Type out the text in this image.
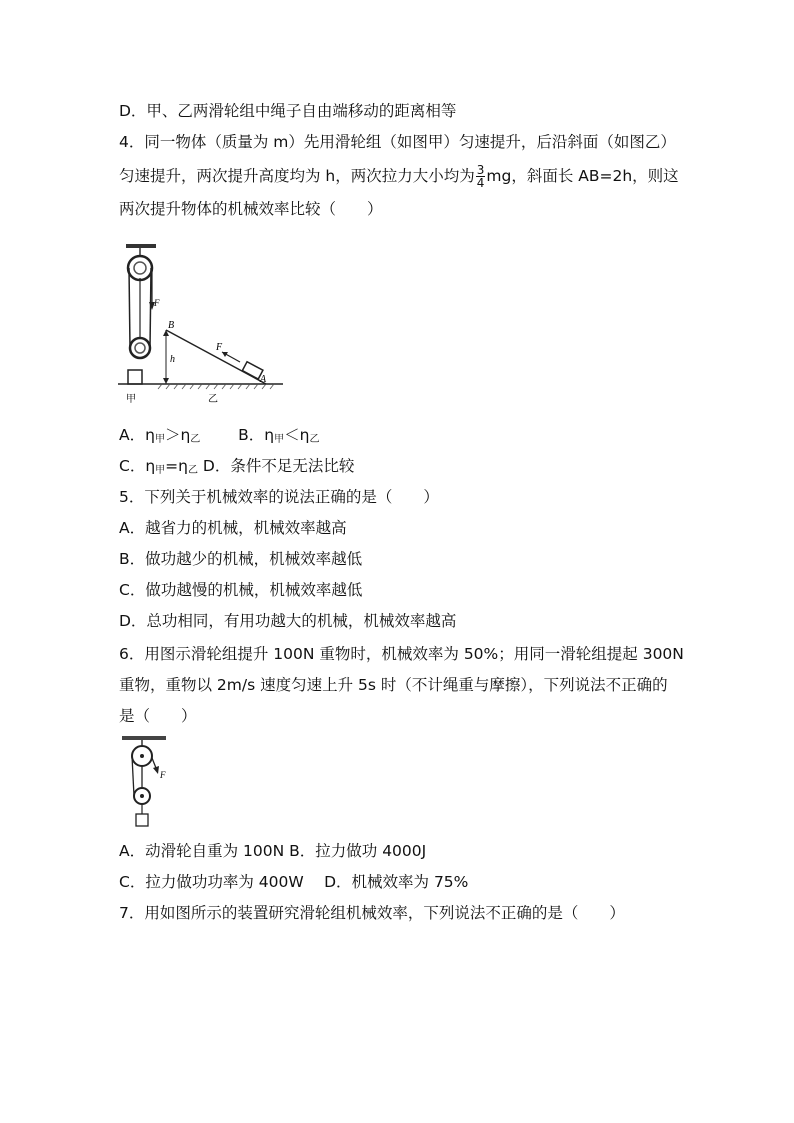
D．甲、乙两滑轮组中绳子自由端移动的距离相等
4．同一物体（质量为 m）先用滑轮组（如图甲）匀速提升，后沿斜面（如图乙）
匀速提升，两次提升高度均为 h，两次拉力大小均为 $\frac{3}{4}$ mg，斜面长 AB=2h，则这
两次提升物体的机械效率比较（　　）
F
h
B
A
F
甲	乙
A．$\eta_甲>\eta_乙$ B．$\eta_甲<\eta_乙$
C．$\eta_甲=\eta_乙$ D．条件不足无法比较
5．下列关于机械效率的说法正确的是（　　）
A．越省力的机械，机械效率越高
B．做功越少的机械，机械效率越低
C．做功越慢的机械，机械效率越低
D．总功相同，有用功越大的机械，机械效率越高
6．用图示滑轮组提升 100N 重物时，机械效率为 50%；用同一滑轮组提起 300N
重物，重物以 2m/s 速度匀速上升 5s 时（不计绳重与摩擦），下列说法不正确的
是（　　）
F
A．动滑轮自重为 100N B．拉力做功 4000J
C．拉力做功功率为 400W　 D．机械效率为 75%
7．用如图所示的装置研究滑轮组机械效率，下列说法不正确的是（　　）
